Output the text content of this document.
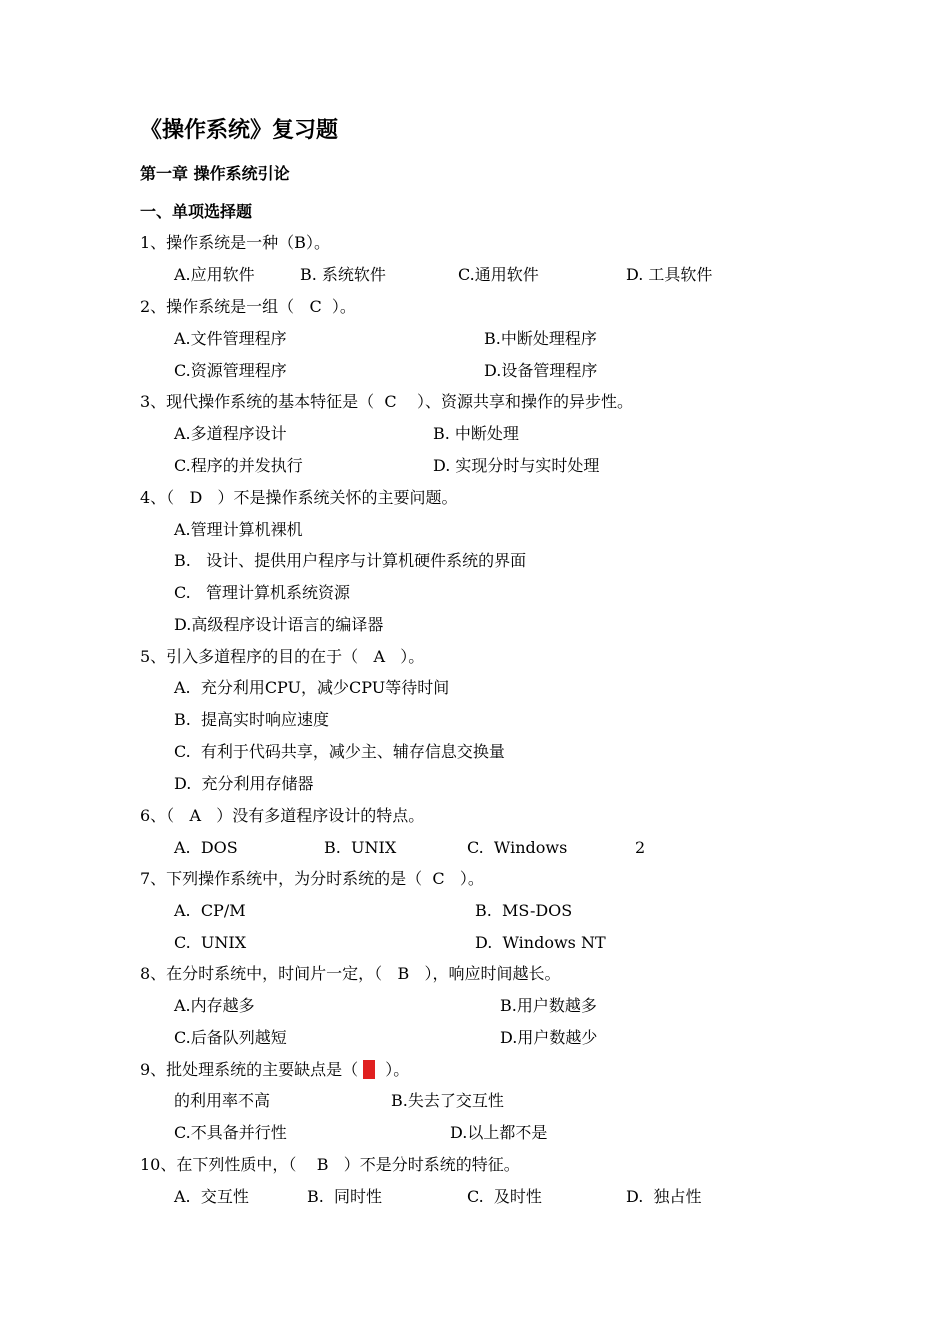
《操作系统》复习题
第一章 操作系统引论
一、单项选择题
1、操作系统是一种（B）。
A.应用软件	B. 系统软件	C.通用软件	D. 工具软件
2、操作系统是一组（   C  ）。
A.文件管理程序	B.中断处理程序
C.资源管理程序	D.设备管理程序
3、现代操作系统的基本特征是（  C    ）、资源共享和操作的异步性。
A.多道程序设计	B. 中断处理
C.程序的并发执行	D. 实现分时与实时处理
4、（   D   ）不是操作系统关怀的主要问题。
A.管理计算机裸机
B.   设计、提供用户程序与计算机硬件系统的界面
C.   管理计算机系统资源
D.高级程序设计语言的编译器
5、引入多道程序的目的在于（   A   ）。
A.  充分利用CPU，减少CPU等待时间
B.  提高实时响应速度
C.  有利于代码共享，减少主、辅存信息交换量
D.  充分利用存储器
6、（   A   ）没有多道程序设计的特点。
A.  DOS	B.  UNIX	C.  Windows	2
7、下列操作系统中，为分时系统的是（  C   ）。
A.  CP/M	B.  MS-DOS
C.  UNIX	D.  Windows NT
8、在分时系统中，时间片一定，（   B   ），响应时间越长。
A.内存越多	B.用户数越多
C.后备队列越短	D.用户数越少
9、批处理系统的主要缺点是（ B  ）。
的利用率不高	B.失去了交互性
C.不具备并行性	D.以上都不是
10、在下列性质中，（    B   ）不是分时系统的特征。
A.  交互性	B.  同时性	C.  及时性	D.  独占性
